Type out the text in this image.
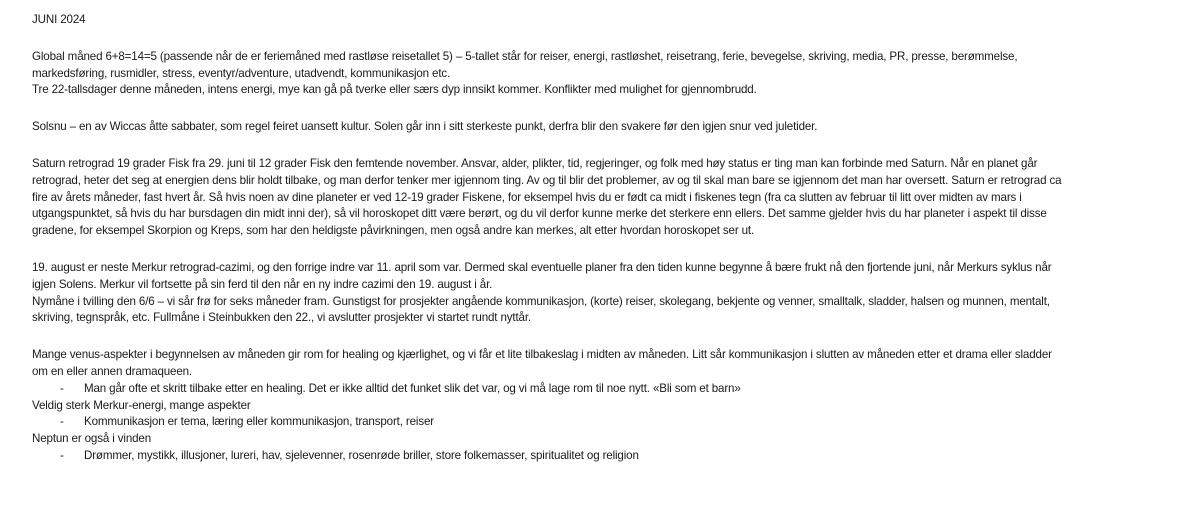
JUNI 2024
Global måned 6+8=14=5 (passende når de er feriemåned med rastløse reisetallet 5) – 5-tallet står for reiser, energi, rastløshet, reisetrang, ferie, bevegelse, skriving, media, PR, presse, berømmelse,
markedsføring, rusmidler, stress, eventyr/adventure, utadvendt, kommunikasjon etc.
Tre 22-tallsdager denne måneden, intens energi, mye kan gå på tverke eller særs dyp innsikt kommer. Konflikter med mulighet for gjennombrudd.
Solsnu – en av Wiccas åtte sabbater, som regel feiret uansett kultur. Solen går inn i sitt sterkeste punkt, derfra blir den svakere før den igjen snur ved juletider.
Saturn retrograd 19 grader Fisk fra 29. juni til 12 grader Fisk den femtende november. Ansvar, alder, plikter, tid, regjeringer, og folk med høy status er ting man kan forbinde med Saturn. Når en planet går
retrograd, heter det seg at energien dens blir holdt tilbake, og man derfor tenker mer igjennom ting. Av og til blir det problemer, av og til skal man bare se igjennom det man har oversett. Saturn er retrograd ca
fire av årets måneder, fast hvert år. Så hvis noen av dine planeter er ved 12-19 grader Fiskene, for eksempel hvis du er født ca midt i fiskenes tegn (fra ca slutten av februar til litt over midten av mars i
utgangspunktet, så hvis du har bursdagen din midt inni der), så vil horoskopet ditt være berørt, og du vil derfor kunne merke det sterkere enn ellers. Det samme gjelder hvis du har planeter i aspekt til disse
gradene, for eksempel Skorpion og Kreps, som har den heldigste påvirkningen, men også andre kan merkes, alt etter hvordan horoskopet ser ut.
19. august er neste Merkur retrograd-cazimi, og den forrige indre var 11. april som var. Dermed skal eventuelle planer fra den tiden kunne begynne å bære frukt nå den fjortende juni, når Merkurs syklus når
igjen Solens. Merkur vil fortsette på sin ferd til den når en ny indre cazimi den 19. august i år.
Nymåne i tvilling den 6/6 – vi sår frø for seks måneder fram. Gunstigst for prosjekter angående kommunikasjon, (korte) reiser, skolegang, bekjente og venner, smalltalk, sladder, halsen og munnen, mentalt,
skriving, tegnspråk, etc. Fullmåne i Steinbukken den 22., vi avslutter prosjekter vi startet rundt nyttår.
Mange venus-aspekter i begynnelsen av måneden gir rom for healing og kjærlighet, og vi får et lite tilbakeslag i midten av måneden. Litt sår kommunikasjon i slutten av måneden etter et drama eller sladder
om en eller annen dramaqueen.
-	Man går ofte et skritt tilbake etter en healing. Det er ikke alltid det funket slik det var, og vi må lage rom til noe nytt. «Bli som et barn»
Veldig sterk Merkur-energi, mange aspekter
-	Kommunikasjon er tema, læring eller kommunikasjon, transport, reiser
Neptun er også i vinden
-	Drømmer, mystikk, illusjoner, lureri, hav, sjelevenner, rosenrøde briller, store folkemasser, spiritualitet og religion
